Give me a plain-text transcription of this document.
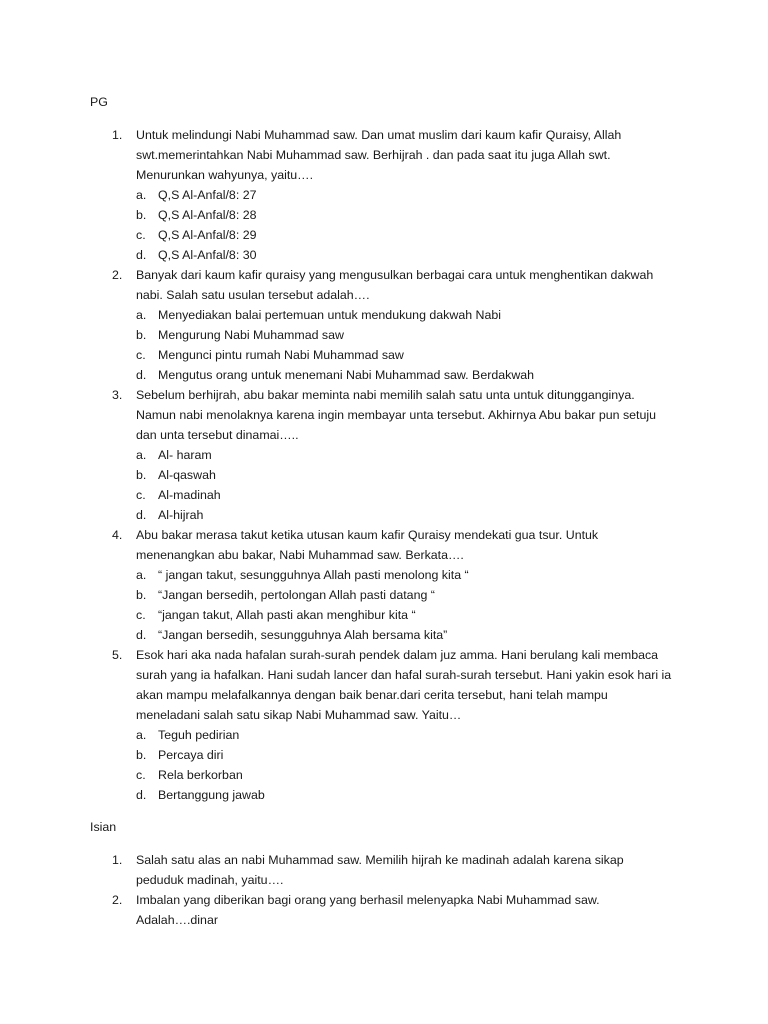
PG
1. Untuk melindungi Nabi Muhammad saw. Dan umat muslim dari kaum kafir Quraisy, Allah
swt.memerintahkan Nabi Muhammad saw. Berhijrah . dan pada saat itu juga Allah swt.
Menurunkan wahyunya, yaitu….
a. Q,S Al-Anfal/8: 27
b. Q,S Al-Anfal/8: 28
c. Q,S Al-Anfal/8: 29
d. Q,S Al-Anfal/8: 30
2. Banyak dari kaum kafir quraisy yang mengusulkan berbagai cara untuk menghentikan dakwah
nabi. Salah satu usulan tersebut adalah….
a. Menyediakan balai pertemuan untuk mendukung dakwah Nabi
b. Mengurung Nabi Muhammad saw
c. Mengunci pintu rumah Nabi Muhammad saw
d. Mengutus orang untuk menemani Nabi Muhammad saw. Berdakwah
3. Sebelum berhijrah, abu bakar meminta nabi memilih salah satu unta untuk ditungganginya.
Namun nabi menolaknya karena ingin membayar unta tersebut. Akhirnya Abu bakar pun setuju
dan unta tersebut dinamai…..
a. Al- haram
b. Al-qaswah
c. Al-madinah
d. Al-hijrah
4. Abu bakar merasa takut ketika utusan kaum kafir Quraisy mendekati gua tsur. Untuk
menenangkan abu bakar, Nabi Muhammad saw. Berkata….
a. “ jangan takut, sesungguhnya Allah pasti menolong kita “
b. “Jangan bersedih, pertolongan Allah pasti datang “
c. “jangan takut, Allah pasti akan menghibur kita “
d. “Jangan bersedih, sesungguhnya Alah bersama kita”
5. Esok hari aka nada hafalan surah-surah pendek dalam juz amma. Hani berulang kali membaca
surah yang ia hafalkan. Hani sudah lancer dan hafal surah-surah tersebut. Hani yakin esok hari ia
akan mampu melafalkannya dengan baik benar.dari cerita tersebut, hani telah mampu
meneladani salah satu sikap Nabi Muhammad saw. Yaitu…
a. Teguh pedirian
b. Percaya diri
c. Rela berkorban
d. Bertanggung jawab
Isian
1. Salah satu alas an nabi Muhammad saw. Memilih hijrah ke madinah adalah karena sikap
peduduk madinah, yaitu….
2. Imbalan yang diberikan bagi orang yang berhasil melenyapka Nabi Muhammad saw.
Adalah….dinar
